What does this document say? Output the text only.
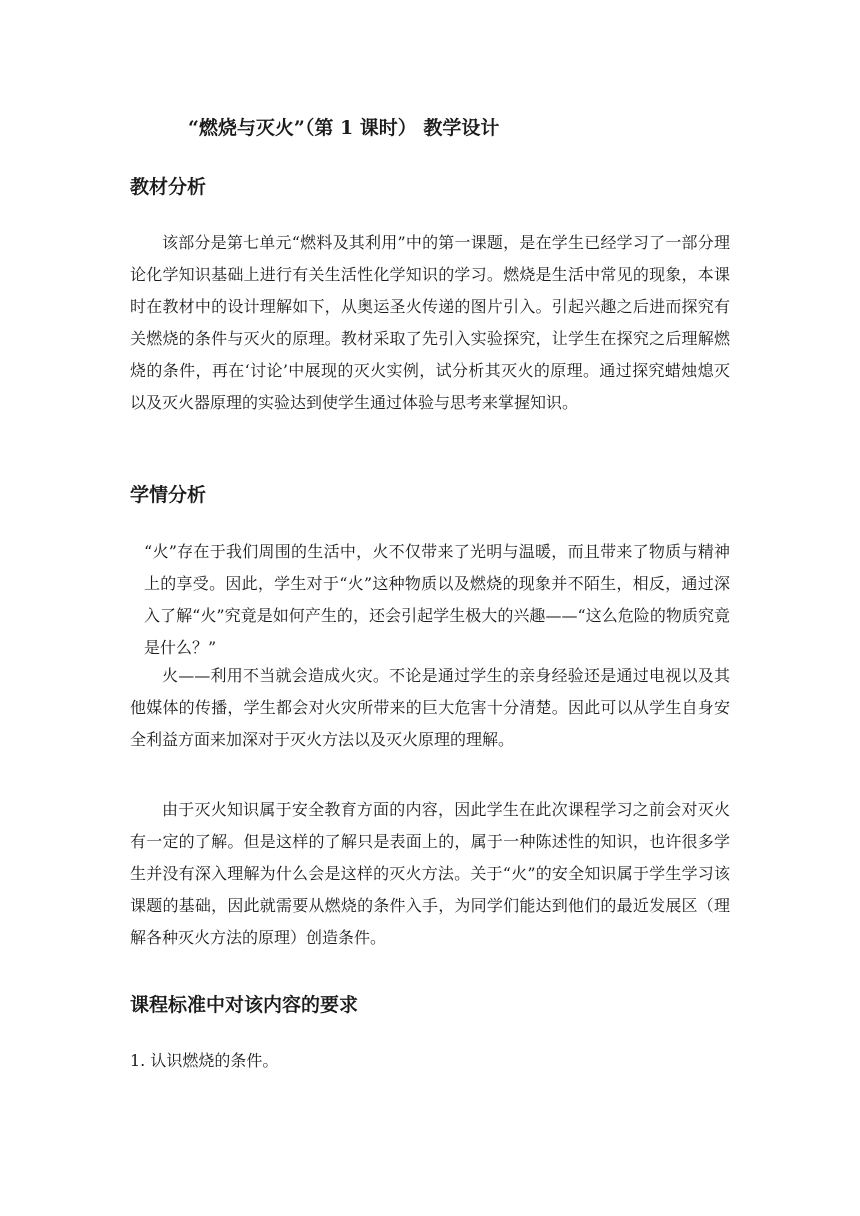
“燃烧与灭火”（第 1 课时） 教学设计
教材分析

该部分是第七单元“燃料及其利用”中的第一课题，是在学生已经学习了一部分理论化学知识基础上进行有关生活性化学知识的学习。燃烧是生活中常见的现象，本课时在教材中的设计理解如下，从奥运圣火传递的图片引入。引起兴趣之后进而探究有关燃烧的条件与灭火的原理。教材采取了先引入实验探究，让学生在探究之后理解燃烧的条件，再在‘讨论’中展现的灭火实例，试分析其灭火的原理。通过探究蜡烛熄灭以及灭火器原理的实验达到使学生通过体验与思考来掌握知识。

学情分析

“火”存在于我们周围的生活中，火不仅带来了光明与温暖，而且带来了物质与精神上的享受。因此，学生对于“火”这种物质以及燃烧的现象并不陌生，相反，通过深入了解“火”究竟是如何产生的，还会引起学生极大的兴趣——“这么危险的物质究竟是什么？”

火——利用不当就会造成火灾。不论是通过学生的亲身经验还是通过电视以及其他媒体的传播，学生都会对火灾所带来的巨大危害十分清楚。因此可以从学生自身安全利益方面来加深对于灭火方法以及灭火原理的理解。

由于灭火知识属于安全教育方面的内容，因此学生在此次课程学习之前会对灭火有一定的了解。但是这样的了解只是表面上的，属于一种陈述性的知识，也许很多学生并没有深入理解为什么会是这样的灭火方法。关于“火”的安全知识属于学生学习该课题的基础，因此就需要从燃烧的条件入手，为同学们能达到他们的最近发展区（理解各种灭火方法的原理）创造条件。

课程标准中对该内容的要求

1. 认识燃烧的条件。
